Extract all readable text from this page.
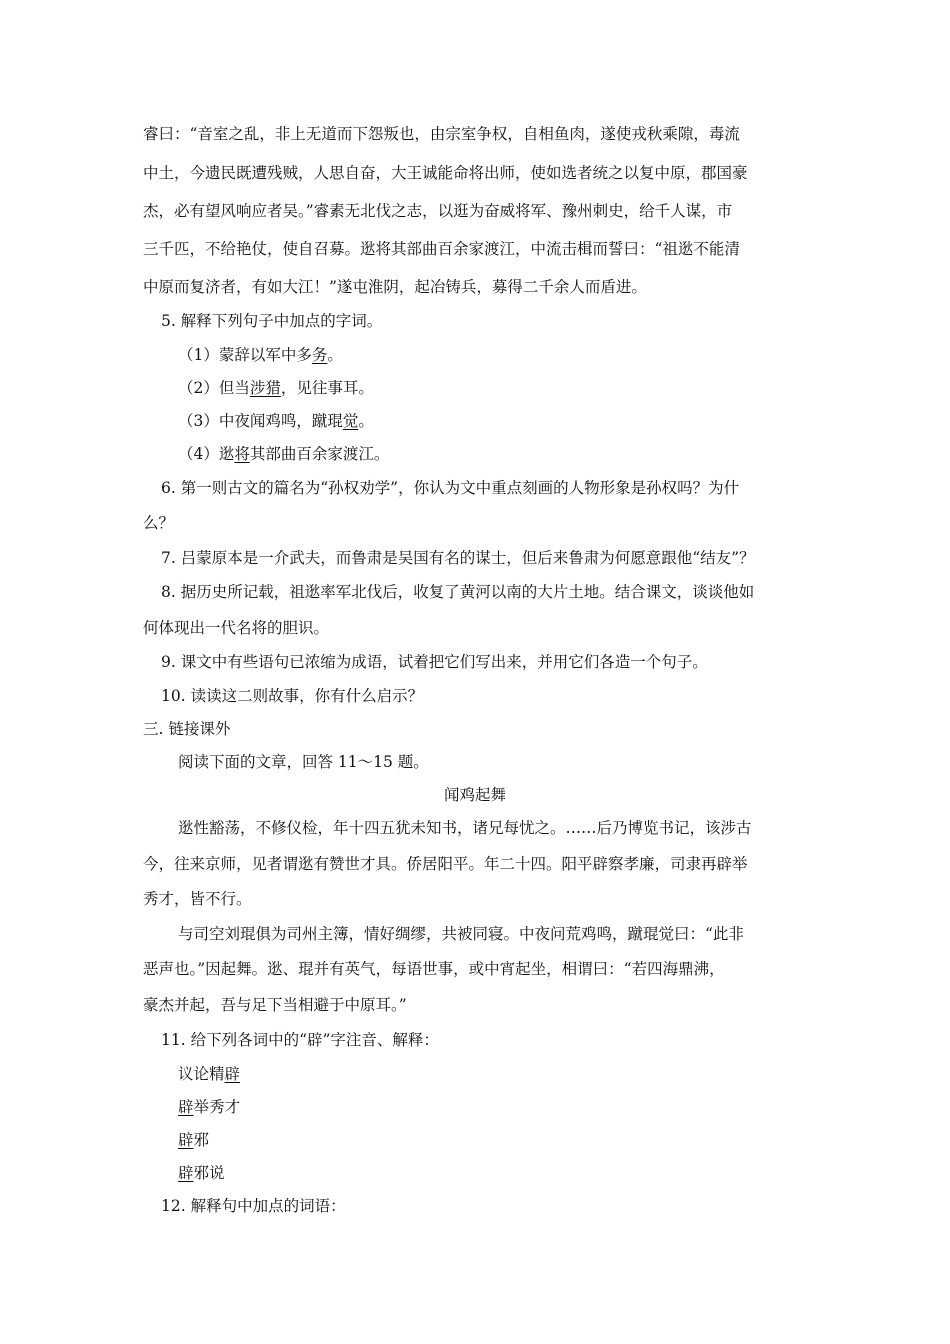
睿曰：“音室之乱，非上无道而下怨叛也，由宗室争权，自相鱼肉，遂使戎秋乘隙，毒流
中土，今遗民既遭残贼，人思自奋，大王诚能命将出师，使如选者统之以复中原，郡国豪
杰，必有望风响应者吴。”睿素无北伐之志，以逛为奋威将军、豫州刺史，给千人谋，市
三千匹，不给艳仗，使自召募。逖将其部曲百余家渡江，中流击楫而誓曰：“祖逖不能清
中原而复济者，有如大江！”遂屯淮阴，起冶铸兵，募得二千余人而盾进。
5. 解释下列句子中加点的字词。
（1）蒙辞以军中多务。
（2）但当涉猎，见往事耳。
（3）中夜闻鸡鸣，蹴琨觉。
（4）逖将其部曲百余家渡江。
6. 第一则古文的篇名为“孙权劝学”，你认为文中重点刻画的人物形象是孙权吗？为什
么？
7. 吕蒙原本是一介武夫，而鲁肃是吴国有名的谋士，但后来鲁肃为何愿意跟他“结友”？
8. 据历史所记载，祖逖率军北伐后，收复了黄河以南的大片土地。结合课文，谈谈他如
何体现出一代名将的胆识。
9. 课文中有些语句已浓缩为成语，试着把它们写出来，并用它们各造一个句子。
10. 读读这二则故事，你有什么启示？
三. 链接课外
阅读下面的文章，回答 11～15 题。
闻鸡起舞
逖性豁荡，不修仪检，年十四五犹未知书，诸兄每忧之。……后乃博览书记，该涉古
今，往来京师，见者谓逖有赞世才具。侨居阳平。年二十四。阳平辟察孝廉，司隶再辟举
秀才，皆不行。
与司空刘琨俱为司州主簿，情好绸缪，共被同寝。中夜问荒鸡鸣，蹴琨觉曰：“此非
恶声也。”因起舞。逖、琨并有英气，每语世事，或中宵起坐，相谓曰：“若四海鼎沸，
豪杰并起，吾与足下当相避于中原耳。”
11. 给下列各词中的“辟”字注音、解释：
议论精辟
辟举秀才
辟邪
辟邪说
12. 解释句中加点的词语：
